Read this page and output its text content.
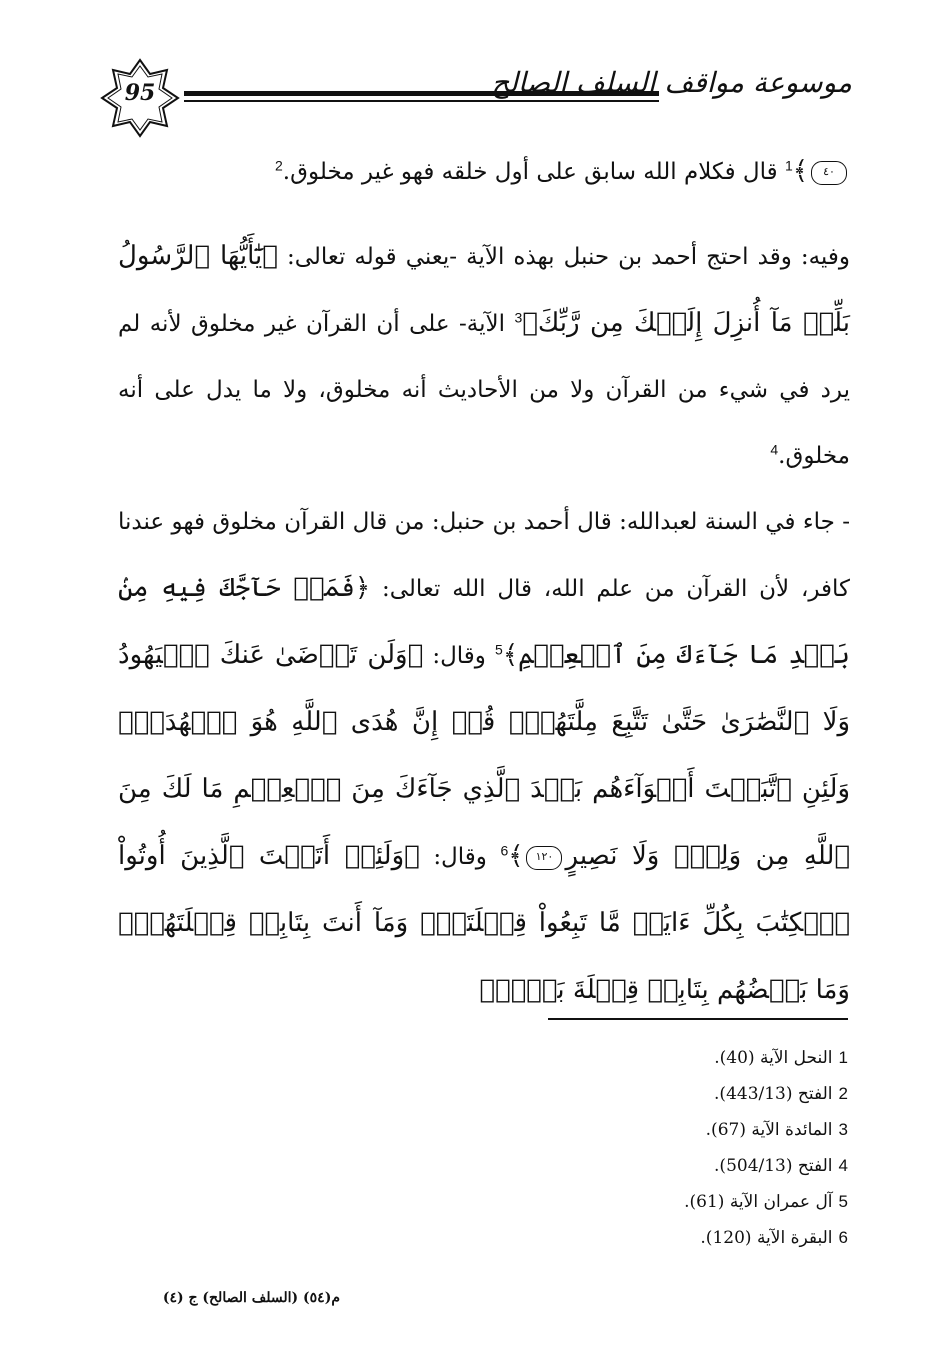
95	موسوعة مواقف السلف الصالح

٤٠﴾$^1$ قال فكلام الله سابق على أول خلقه فهو غير مخلوق.$^2$

وفيه: وقد احتج أحمد بن حنبل بهذه الآية -يعني قوله تعالى: ﴿يَٰٓأَيُّهَا ٱلرَّسُولُ بَلِّغۡ مَآ أُنزِلَ إِلَيۡكَ مِن رَّبِّكَ﴾$^3$ الآية- على أن القرآن غير مخلوق لأنه لم يرد في شيء من القرآن ولا من الأحاديث أنه مخلوق، ولا ما يدل على أنه مخلوق.$^4$

- جاء في السنة لعبدالله: قال أحمد بن حنبل: من قال القرآن مخلوق فهو عندنا كافر، لأن القرآن من علم الله، قال الله تعالى: ﴿فَمَنۡ حَآجَّكَ فِيهِ مِنۢ بَعۡدِ مَا جَآءَكَ مِنَ ٱلۡعِلۡمِ﴾$^5$ وقال: ﴿وَلَن تَرۡضَىٰ عَنكَ ٱلۡيَهُودُ وَلَا ٱلنَّصَٰرَىٰ حَتَّىٰ تَتَّبِعَ مِلَّتَهُمۡۗ قُلۡ إِنَّ هُدَى ٱللَّهِ هُوَ ٱلۡهُدَىٰۗ وَلَئِنِ ٱتَّبَعۡتَ أَهۡوَآءَهُم بَعۡدَ ٱلَّذِي جَآءَكَ مِنَ ٱلۡعِلۡمِ مَا لَكَ مِنَ ٱللَّهِ مِن وَلِيّٖ وَلَا نَصِيرٍ١٢٠﴾$^6$ وقال: ﴿وَلَئِنۡ أَتَيۡتَ ٱلَّذِينَ أُوتُواْ ٱلۡكِتَٰبَ بِكُلِّ ءَايَةٖ مَّا تَبِعُواْ قِبۡلَتَكَۚ وَمَآ أَنتَ بِتَابِعٖ قِبۡلَتَهُمۡۚ وَمَا بَعۡضُهُم بِتَابِعٖ قِبۡلَةَ بَعۡضٖۚ

1النحل الآية (40).
2الفتح (443/13).
3المائدة الآية (67).
4الفتح (504/13).
5آل عمران الآية (61).
6البقرة الآية (120).
م(٥٤) (السلف الصالح) ج (٤)
